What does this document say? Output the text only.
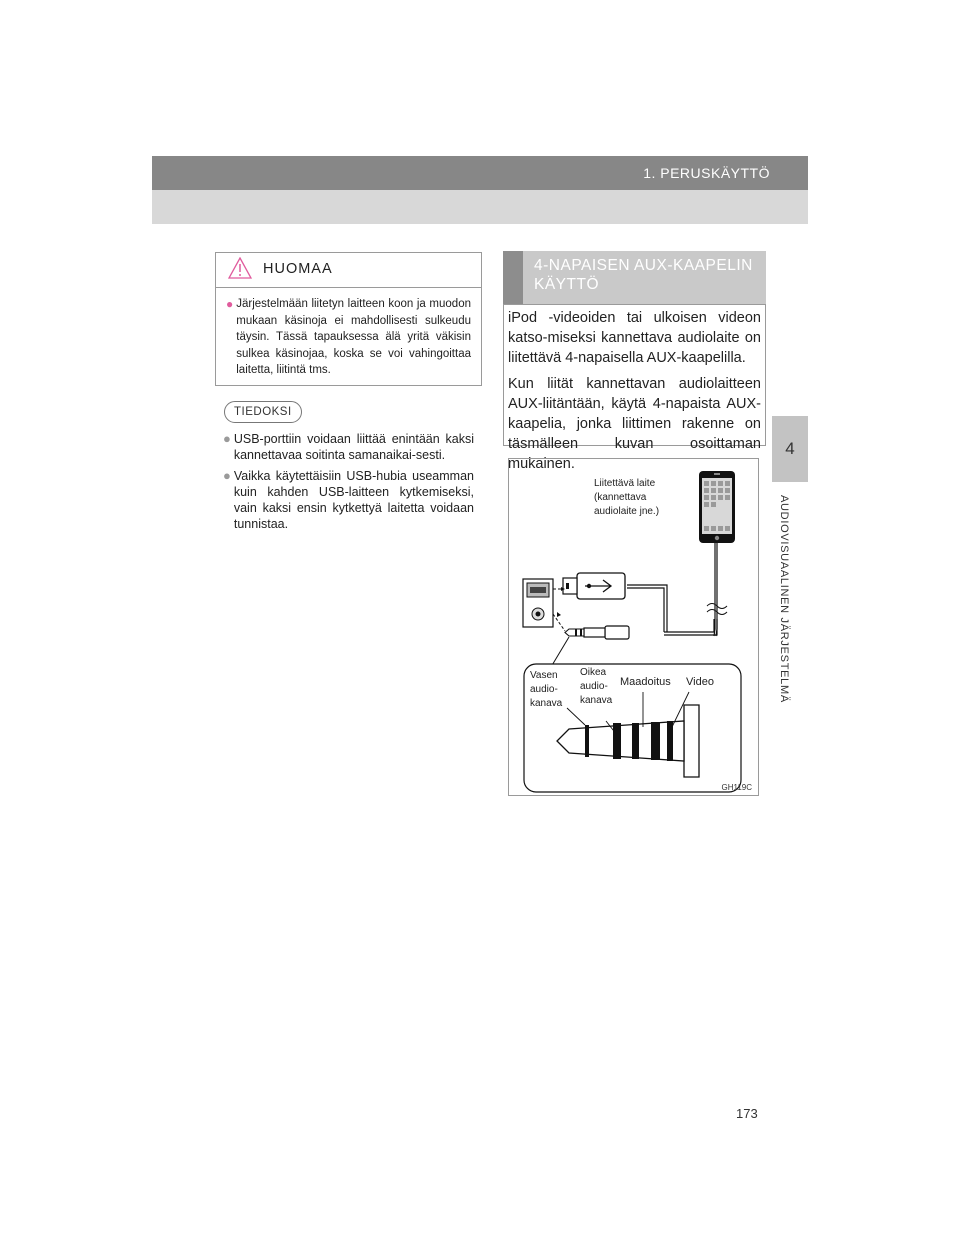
1. PERUSKÄYTTÖ
4
AUDIOVISUAALINEN JÄRJESTELMÄ
HUOMAA
● Järjestelmään liitetyn laitteen koon ja muodon mukaan käsinoja ei mahdollisesti sulkeudu täysin. Tässä tapauksessa älä yritä väkisin sulkea käsinojaa, koska se voi vahingoittaa laitetta, liitintä tms.
TIEDOKSI
● USB-porttiin voidaan liittää enintään kaksi kannettavaa soitinta samanaikai-sesti.
● Vaikka käytettäisiin USB-hubia useamman kuin kahden USB-laitteen kytkemiseksi, vain kaksi ensin kytkettyä laitetta voidaan tunnistaa.
4-NAPAISEN AUX-KAAPELIN KÄYTTÖ

iPod -videoiden tai ulkoisen videon katso-miseksi kannettava audiolaite on liitettävä 4-napaisella AUX-kaapelilla.

Kun liität kannettavan audiolaitteen AUX-liitäntään, käytä 4-napaista AUX-kaapelia, jonka liittimen rakenne on täsmälleen kuvan osoittaman mukainen.

Liitettävä laite
(kannettava
audiolaite jne.)
Vasen
audio-
kanava
Oikea
audio-
kanava
Maadoitus Video
GH119C
173
